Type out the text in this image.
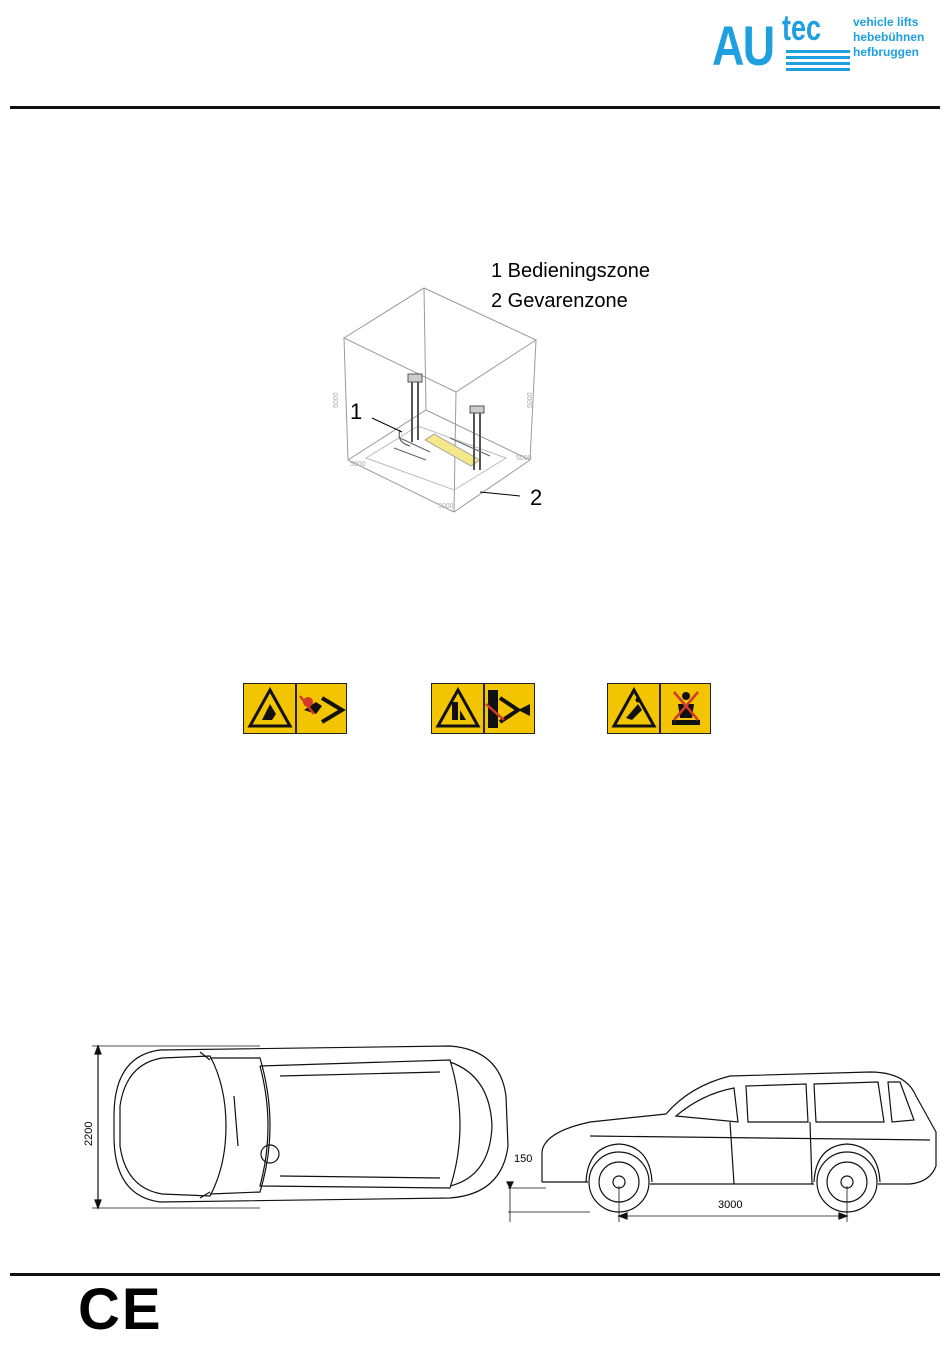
AU tec	vehicle lifts
hebebühnen
hefbruggen
1 Bedieningszone
2 Gevarenzone
5000	5000
5000
5000
5000
1
2
2200
150
3000
CE
